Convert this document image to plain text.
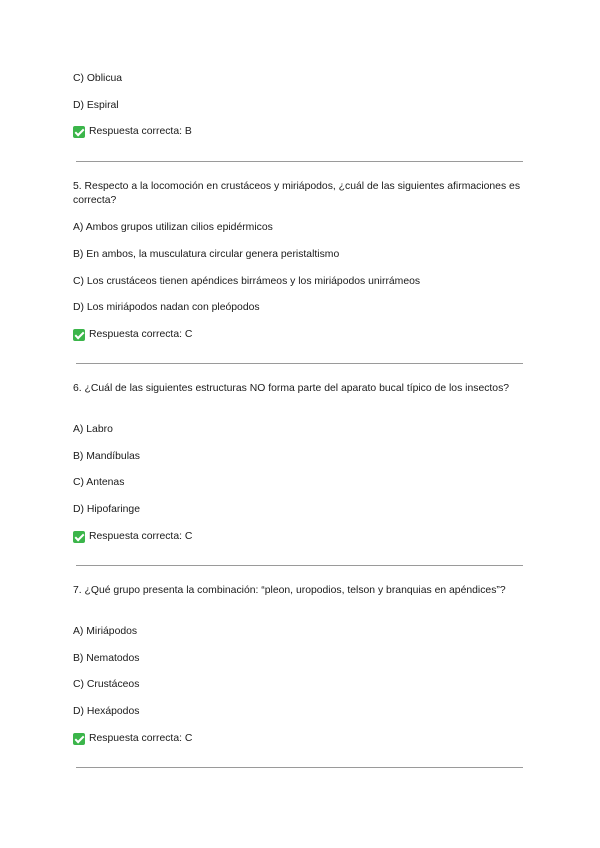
C) Oblicua
D) Espiral
Respuesta correcta: B
5. Respecto a la locomoción en crustáceos y miriápodos, ¿cuál de las siguientes afirmaciones es correcta?
A) Ambos grupos utilizan cilios epidérmicos
B) En ambos, la musculatura circular genera peristaltismo
C) Los crustáceos tienen apéndices birrámeos y los miriápodos unirrámeos
D) Los miriápodos nadan con pleópodos
Respuesta correcta: C
6. ¿Cuál de las siguientes estructuras NO forma parte del aparato bucal típico de los insectos?
A) Labro
B) Mandíbulas
C) Antenas
D) Hipofaringe
Respuesta correcta: C
7. ¿Qué grupo presenta la combinación: “pleon, uropodios, telson y branquias en apéndices”?
A) Miriápodos
B) Nematodos
C) Crustáceos
D) Hexápodos
Respuesta correcta: C
